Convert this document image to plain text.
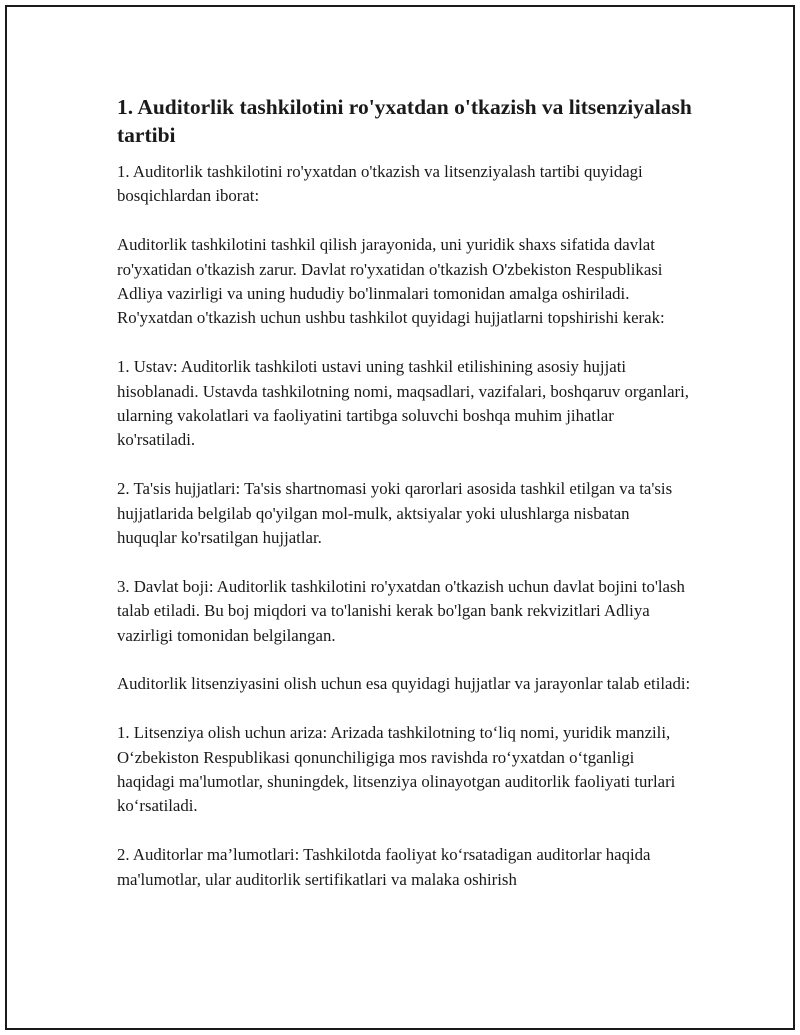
1. Auditorlik tashkilotini ro'yxatdan o'tkazish va litsenziyalash tartibi

1. Auditorlik tashkilotini ro'yxatdan o'tkazish va litsenziyalash tartibi quyidagi bosqichlardan iborat:

Auditorlik tashkilotini tashkil qilish jarayonida, uni yuridik shaxs sifatida davlat ro'yxatidan o'tkazish zarur. Davlat ro'yxatidan o'tkazish O'zbekiston Respublikasi Adliya vazirligi va uning hududiy bo'linmalari tomonidan amalga oshiriladi. Ro'yxatdan o'tkazish uchun ushbu tashkilot quyidagi hujjatlarni topshirishi kerak:

1. Ustav: Auditorlik tashkiloti ustavi uning tashkil etilishining asosiy hujjati hisoblanadi. Ustavda tashkilotning nomi, maqsadlari, vazifalari, boshqaruv organlari, ularning vakolatlari va faoliyatini tartibga soluvchi boshqa muhim jihatlar ko'rsatiladi.

2. Ta'sis hujjatlari: Ta'sis shartnomasi yoki qarorlari asosida tashkil etilgan va ta'sis hujjatlarida belgilab qo'yilgan mol-mulk, aktsiyalar yoki ulushlarga nisbatan huquqlar ko'rsatilgan hujjatlar.

3. Davlat boji: Auditorlik tashkilotini ro'yxatdan o'tkazish uchun davlat bojini to'lash talab etiladi. Bu boj miqdori va to'lanishi kerak bo'lgan bank rekvizitlari Adliya vazirligi tomonidan belgilangan.

Auditorlik litsenziyasini olish uchun esa quyidagi hujjatlar va jarayonlar talab etiladi:

1. Litsenziya olish uchun ariza: Arizada tashkilotning to‘liq nomi, yuridik manzili, O‘zbekiston Respublikasi qonunchiligiga mos ravishda ro‘yxatdan o‘tganligi haqidagi ma'lumotlar, shuningdek, litsenziya olinayotgan auditorlik faoliyati turlari ko‘rsatiladi.

2. Auditorlar ma’lumotlari: Tashkilotda faoliyat ko‘rsatadigan auditorlar haqida ma'lumotlar, ular auditorlik sertifikatlari va malaka oshirish
